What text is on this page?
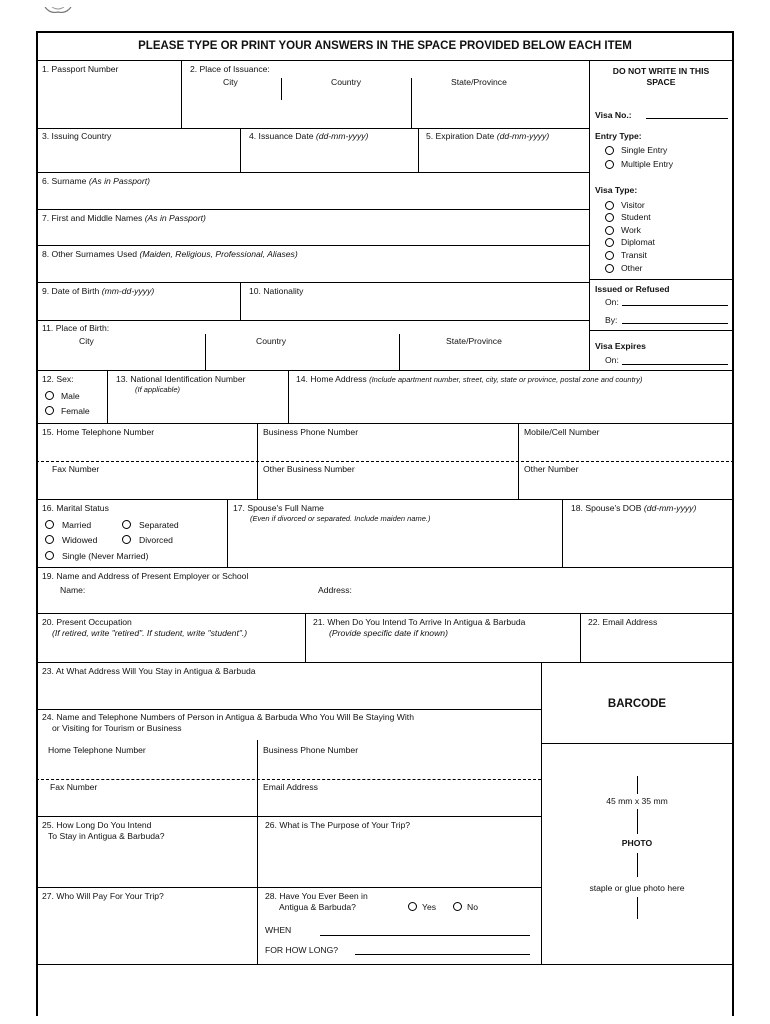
PLEASE TYPE OR PRINT YOUR ANSWERS IN THE SPACE PROVIDED BELOW EACH ITEM
1. Passport Number	2. Place of Issuance:
City	Country	State/Province
3. Issuing Country	4. Issuance Date (dd-mm-yyyy)	5. Expiration Date (dd-mm-yyyy)
6. Surname (As in Passport)
7. First and Middle Names (As in Passport)
8. Other Surnames Used (Maiden, Religious, Professional, Aliases)
9. Date of Birth (mm-dd-yyyy)	10. Nationality
11. Place of Birth:
City	Country	State/Province
DO NOT WRITE IN THIS
SPACE
Visa No.:
Entry Type:
Single Entry
Multiple Entry
Visa Type:
Visitor
Student
Work
Diplomat
Transit
Other
Issued or Refused
On:
By:
Visa Expires
On:
12. Sex:
Male
Female
13. National Identification Number
(If applicable)
14. Home Address (Include apartment number, street, city, state or province, postal zone and country)
15. Home Telephone Number	Business Phone Number	Mobile/Cell Number
Fax Number	Other Business Number	Other Number
16. Marital Status
Married	Separated
Widowed	Divorced
Single (Never Married)
17. Spouse's Full Name
(Even if divorced or separated. Include maiden name.)
18. Spouse's DOB (dd-mm-yyyy)
19. Name and Address of Present Employer or School
Name:	Address:
20. Present Occupation
(If retired, write "retired". If student, write "student".)
21. When Do You Intend To Arrive In Antigua & Barbuda
(Provide specific date if known)
22. Email Address
23. At What Address Will You Stay in Antigua & Barbuda
BARCODE
24. Name and Telephone Numbers of Person in Antigua & Barbuda Who You Will Be Staying With
or Visiting for Tourism or Business
Home Telephone Number	Business Phone Number
Fax Number	Email Address
45 mm x 35 mm
PHOTO
staple or glue photo here
25. How Long Do You Intend
To Stay in Antigua & Barbuda?
26. What is The Purpose of Your Trip?
27. Who Will Pay For Your Trip?	28. Have You Ever Been in
Antigua & Barbuda?	Yes	No
WHEN
FOR HOW LONG?
